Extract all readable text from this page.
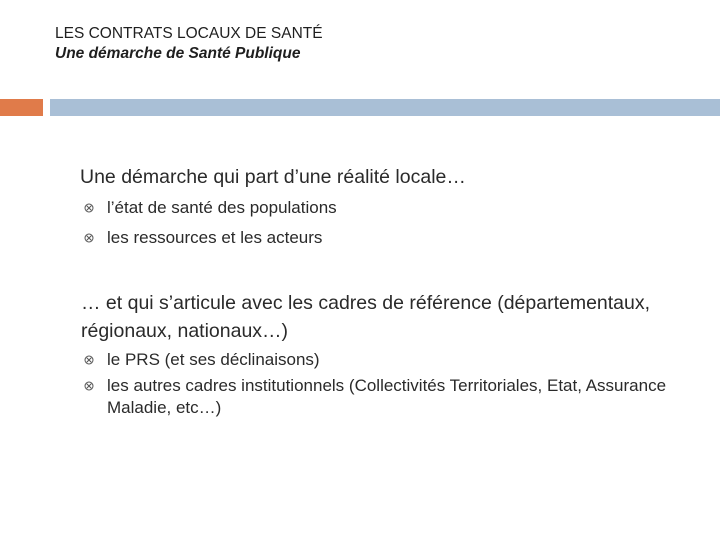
LES CONTRATS LOCAUX DE SANTÉ

Une démarche de Santé Publique

Une démarche qui part d’une réalité locale…

l’état de santé des populations
les ressources et les acteurs

… et qui s’articule avec les cadres de référence (départementaux, régionaux, nationaux…)

le PRS (et ses déclinaisons)
les autres cadres institutionnels (Collectivités Territoriales, Etat, Assurance Maladie, etc…)
